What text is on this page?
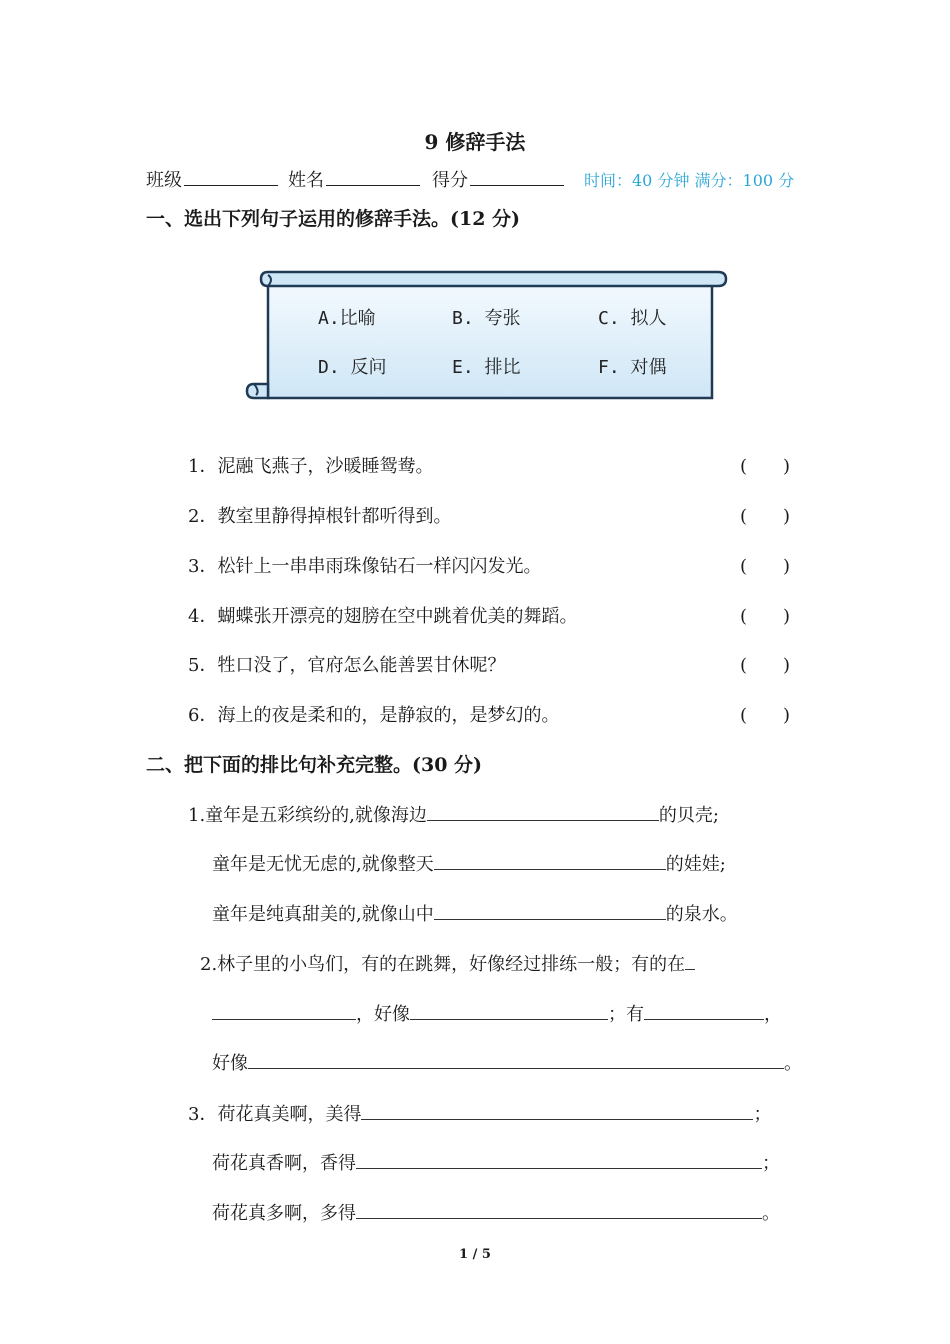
9 修辞手法
班级	姓名	得分	时间：40 分钟 满分：100 分
一、选出下列句子运用的修辞手法。(12 分)
A.比喻	B. 夸张	C. 拟人
D. 反问	E. 排比	F. 对偶
1．泥融飞燕子，沙暖睡鸳鸯。	(　　)
2．教室里静得掉根针都听得到。	(　　)
3．松针上一串串雨珠像钻石一样闪闪发光。	(　　)
4．蝴蝶张开漂亮的翅膀在空中跳着优美的舞蹈。	(　　)
5．牲口没了，官府怎么能善罢甘休呢？	(　　)
6．海上的夜是柔和的，是静寂的，是梦幻的。	(　　)
二、把下面的排比句补充完整。(30 分)
1.童年是五彩缤纷的,就像海边	的贝壳;
童年是无忧无虑的,就像整天	的娃娃;
童年是纯真甜美的,就像山中	的泉水。
2.林子里的小鸟们，有的在跳舞，好像经过排练一般；有的在
，好像	；有	，
好像	。
3．荷花真美啊，美得	；
荷花真香啊，香得	；
荷花真多啊，多得	。
1 / 5
